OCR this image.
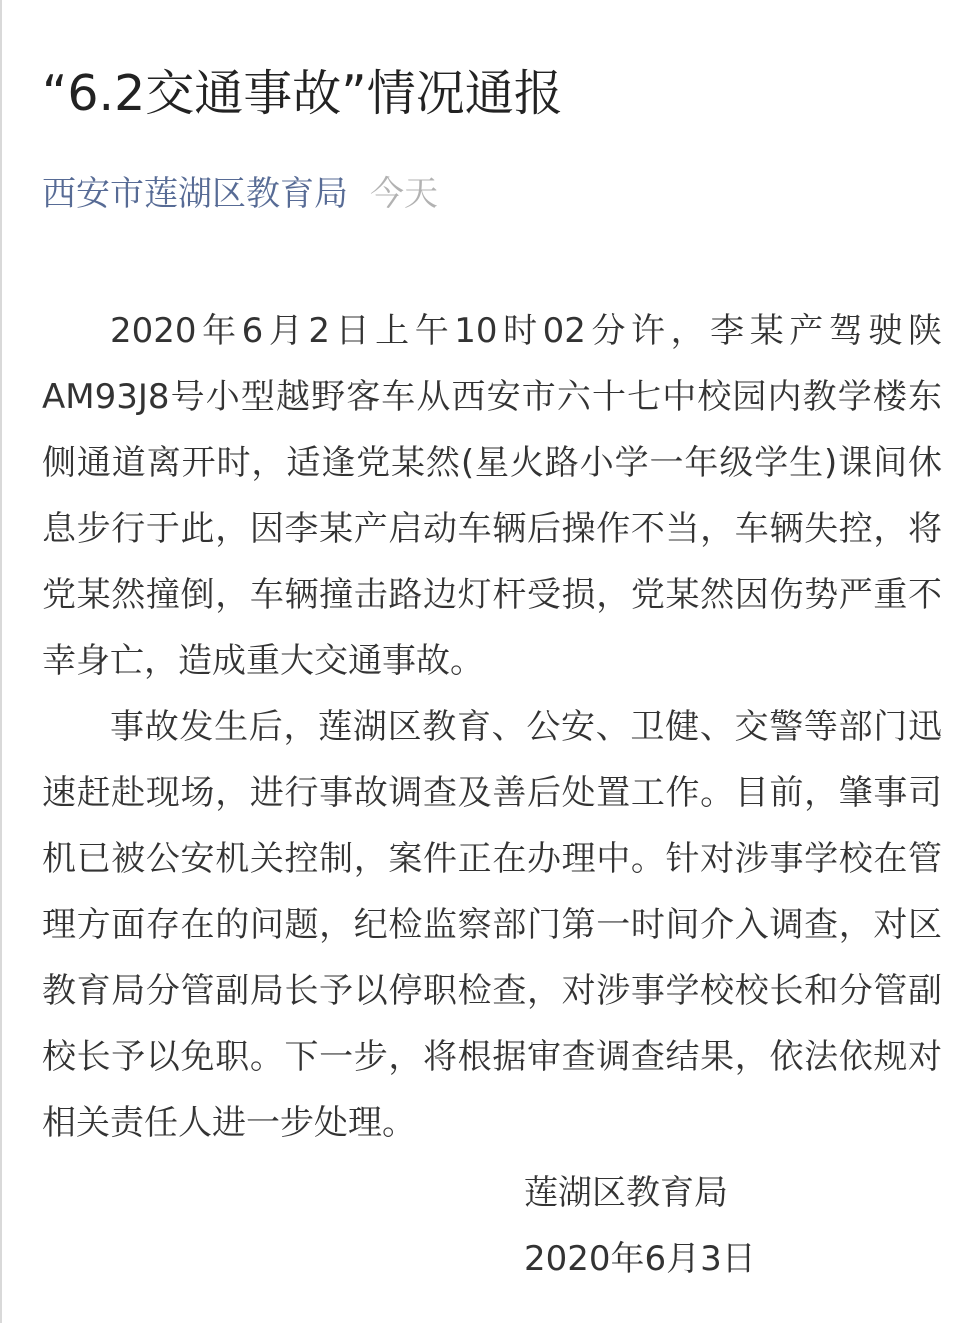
“6.2交通事故”情况通报
西安市莲湖区教育局 今天

2020年6月2日上午10时02分许，李某产驾驶陕AM93J8号小型越野客车从西安市六十七中校园内教学楼东侧通道离开时，适逢党某然(星火路小学一年级学生)课间休息步行于此，因李某产启动车辆后操作不当，车辆失控，将党某然撞倒，车辆撞击路边灯杆受损，党某然因伤势严重不幸身亡，造成重大交通事故。

事故发生后，莲湖区教育、公安、卫健、交警等部门迅速赶赴现场，进行事故调查及善后处置工作。目前，肇事司机已被公安机关控制，案件正在办理中。针对涉事学校在管理方面存在的问题，纪检监察部门第一时间介入调查，对区教育局分管副局长予以停职检查，对涉事学校校长和分管副校长予以免职。下一步，将根据审查调查结果，依法依规对相关责任人进一步处理。

莲湖区教育局
2020年6月3日
